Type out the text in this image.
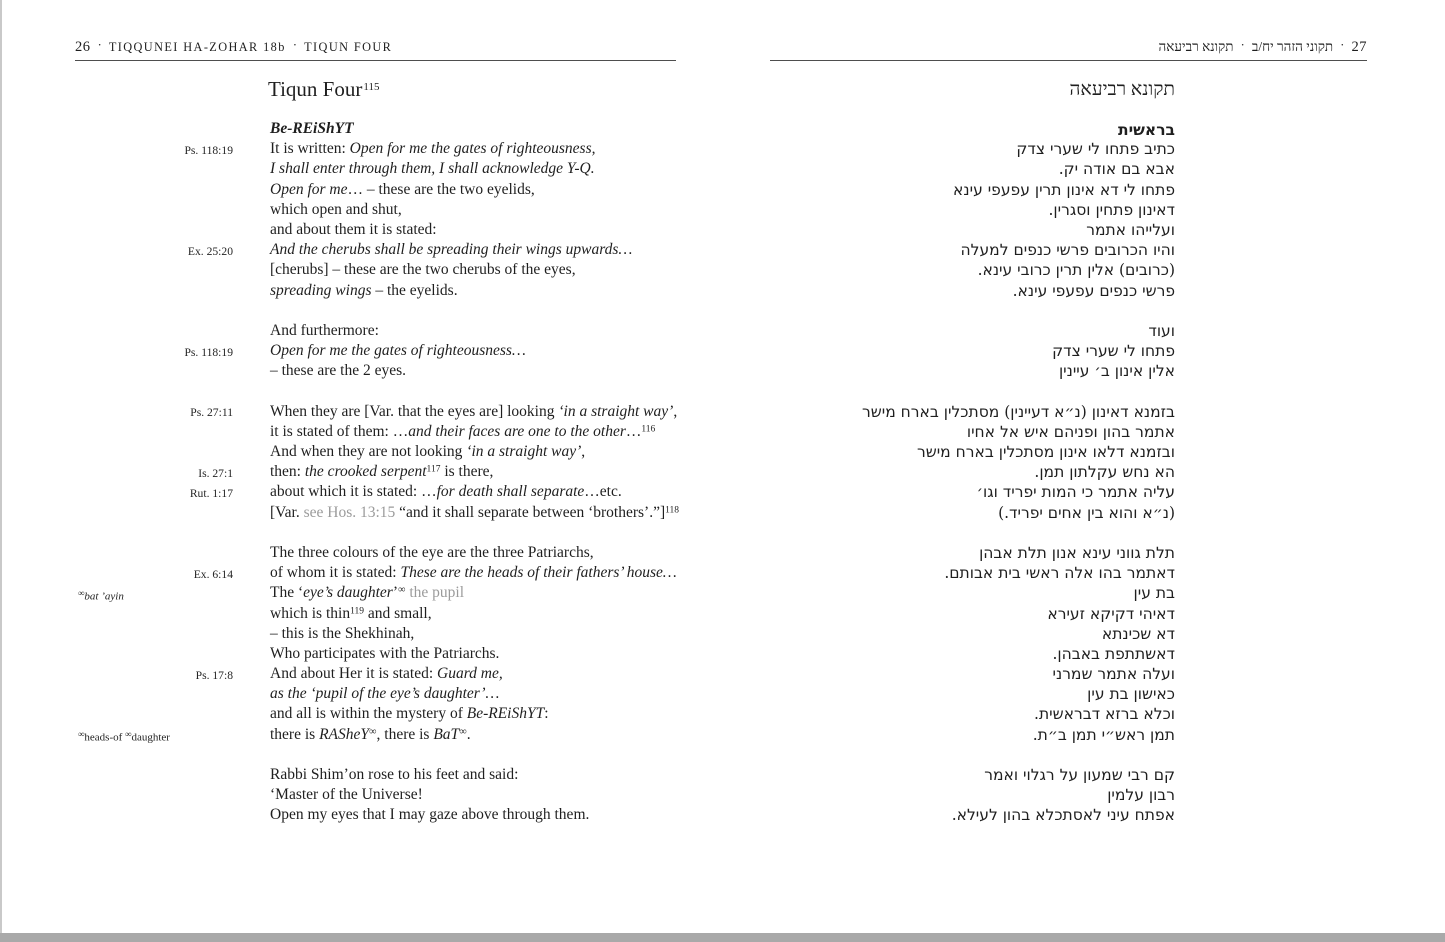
26 · TIQQUNEI HA-ZOHAR 18b · TIQUN FOUR	27·תקוני הזהר יח/ב·תקונא רביעאה
Tiqun Four$^{115}$	תקונא רביעאה
Be-REiShYT
Ps. 118:19 It is written: Open for me the gates of righteousness,
I shall enter through them, I shall acknowledge Y-Q.
Open for me… – these are the two eyelids,
which open and shut,
and about them it is stated:
Ex. 25:20 And the cherubs shall be spreading their wings upwards…
[cherubs] – these are the two cherubs of the eyes,
spreading wings – the eyelids.
And furthermore:
Ps. 118:19 Open for me the gates of righteousness…
– these are the 2 eyes.
Ps. 27:11 When they are [Var. that the eyes are] looking ‘in a straight way’,
it is stated of them: …and their faces are one to the other…$^{116}$
And when they are not looking ‘in a straight way’,
Is. 27:1 then: the crooked serpent$^{117}$ is there,
Rut. 1:17 about which it is stated: …for death shall separate…etc.
[Var. see Hos. 13:15 “and it shall separate between ‘brothers’.”]$^{118}$
The three colours of the eye are the three Patriarchs,
Ex. 6:14 of whom it is stated: These are the heads of their fathers’ house…
∞bat ’ayin	The ‘eye’s daughter’∞ the pupil
which is thin$^{119}$ and small,
– this is the Shekhinah,
Who participates with the Patriarchs.
Ps. 17:8 And about Her it is stated: Guard me,
as the ‘pupil of the eye’s daughter’…
and all is within the mystery of Be-REiShYT:
∞heads-of ∞daughter	there is RASheY∞, there is BaT∞.
Rabbi Shim’on rose to his feet and said:
‘Master of the Universe!
Open my eyes that I may gaze above through them.
בראשית
כתיב פתחו לי שערי צדק
אבא בם אודה יק.
פתחו לי דא אינון תרין עפעפי עינא
דאינון פתחין וסגרין.
ועלייהו אתמר
והיו הכרובים פרשי כנפים למעלה
(כרובים) אלין תרין כרובי עינא.
פרשי כנפים עפעפי עינא.
ועוד
פתחו לי שערי צדק
אלין אינון ב׳ עיינין
בזמנא דאינון (נ״א דעיינין) מסתכלין בארח מישר
אתמר בהון ופניהם איש אל אחיו
ובזמנא דלאו אינון מסתכלין בארח מישר
הא נחש עקלתון תמן.
עליה אתמר כי המות יפריד וגו׳
(נ״א והוא בין אחים יפריד.)
תלת גווני עינא אנון תלת אבהן
דאתמר בהו אלה ראשי בית אבותם.
בת עין
דאיהי דקיקא זעירא
דא שכינתא
דאשתתפת באבהן.
ועלה אתמר שמרני
כאישון בת עין
וכלא ברזא דבראשית.
תמן ראש״י תמן ב״ת.
קם רבי שמעון על רגלוי ואמר
רבון עלמין
אפתח עיני לאסתכלא בהון לעילא.
